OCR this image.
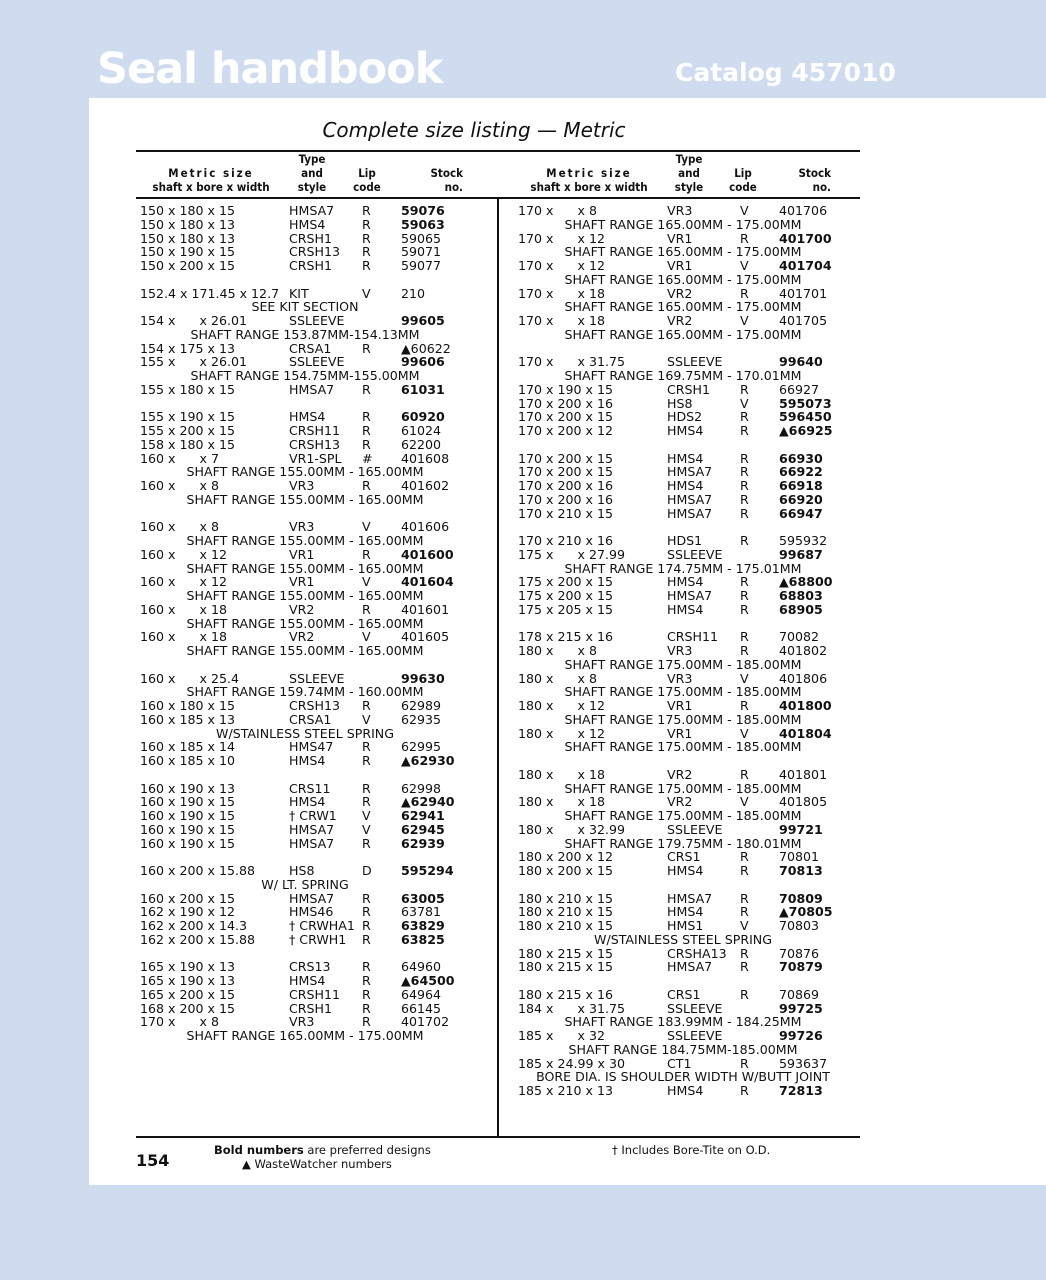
Seal handbook	Catalog 457010
Complete size listing — Metric
Metric size
shaft x bore x width
Type
and
style
Lip
code
Stock
no.
Metric size
shaft x bore x width
Type
and
style
Lip
code
Stock
no.
150 x 180 x 15	HMSA7 R 59076
150 x 180 x 13	HMS4	R 59063
150 x 180 x 13	CRSH1 R 59065
150 x 190 x 15	CRSH13 R 59071
150 x 200 x 15	CRSH1 R 59077
152.4 x 171.45 x 12.7 KIT	V 210
SEE KIT SECTION
154 x      x 26.01	SSLEEVE	99605
SHAFT RANGE 153.87MM-154.13MM
154 x 175 x 13	CRSA1 R ▲60622
155 x      x 26.01	SSLEEVE	99606
SHAFT RANGE 154.75MM-155.00MM
155 x 180 x 15	HMSA7 R 61031
155 x 190 x 15	HMS4	R 60920
155 x 200 x 15	CRSH11 R 61024
158 x 180 x 15	CRSH13 R 62200
160 x      x 7	VR1-SPL # 401608
SHAFT RANGE 155.00MM - 165.00MM
160 x      x 8	VR3	R 401602
SHAFT RANGE 155.00MM - 165.00MM
160 x      x 8	VR3	V 401606
SHAFT RANGE 155.00MM - 165.00MM
160 x      x 12	VR1	R 401600
SHAFT RANGE 155.00MM - 165.00MM
160 x      x 12	VR1	V 401604
SHAFT RANGE 155.00MM - 165.00MM
160 x      x 18	VR2	R 401601
SHAFT RANGE 155.00MM - 165.00MM
160 x      x 18	VR2	V 401605
SHAFT RANGE 155.00MM - 165.00MM
160 x      x 25.4	SSLEEVE	99630
SHAFT RANGE 159.74MM - 160.00MM
160 x 180 x 15	CRSH13 R 62989
160 x 185 x 13	CRSA1 V 62935
W/STAINLESS STEEL SPRING
160 x 185 x 14	HMS47 R 62995
160 x 185 x 10	HMS4	R ▲62930
160 x 190 x 13	CRS11 R 62998
160 x 190 x 15	HMS4	R ▲62940
160 x 190 x 15	† CRW1 V 62941
160 x 190 x 15	HMSA7 V 62945
160 x 190 x 15	HMSA7 R 62939
160 x 200 x 15.88	HS8	D 595294
W/ LT. SPRING
160 x 200 x 15	HMSA7 R 63005
162 x 190 x 12	HMS46 R 63781
162 x 200 x 14.3	† CRWHA1 R 63829
162 x 200 x 15.88	† CRWH1 R 63825
165 x 190 x 13	CRS13 R 64960
165 x 190 x 13	HMS4	R ▲64500
165 x 200 x 15	CRSH11 R 64964
168 x 200 x 15	CRSH1 R 66145
170 x      x 8	VR3	R 401702
SHAFT RANGE 165.00MM - 175.00MM
170 x      x 8	VR3	V 401706
SHAFT RANGE 165.00MM - 175.00MM
170 x      x 12	VR1	R 401700
SHAFT RANGE 165.00MM - 175.00MM
170 x      x 12	VR1	V 401704
SHAFT RANGE 165.00MM - 175.00MM
170 x      x 18	VR2	R 401701
SHAFT RANGE 165.00MM - 175.00MM
170 x      x 18	VR2	V 401705
SHAFT RANGE 165.00MM - 175.00MM
170 x      x 31.75	SSLEEVE	99640
SHAFT RANGE 169.75MM - 170.01MM
170 x 190 x 15	CRSH1 R 66927
170 x 200 x 16	HS8	V 595073
170 x 200 x 15	HDS2	R 596450
170 x 200 x 12	HMS4	R ▲66925
170 x 200 x 15	HMS4	R 66930
170 x 200 x 15	HMSA7 R 66922
170 x 200 x 16	HMS4	R 66918
170 x 200 x 16	HMSA7 R 66920
170 x 210 x 15	HMSA7 R 66947
170 x 210 x 16	HDS1	R 595932
175 x      x 27.99	SSLEEVE	99687
SHAFT RANGE 174.75MM - 175.01MM
175 x 200 x 15	HMS4	R ▲68800
175 x 200 x 15	HMSA7 R 68803
175 x 205 x 15	HMS4	R 68905
178 x 215 x 16	CRSH11 R 70082
180 x      x 8	VR3	R 401802
SHAFT RANGE 175.00MM - 185.00MM
180 x      x 8	VR3	V 401806
SHAFT RANGE 175.00MM - 185.00MM
180 x      x 12	VR1	R 401800
SHAFT RANGE 175.00MM - 185.00MM
180 x      x 12	VR1	V 401804
SHAFT RANGE 175.00MM - 185.00MM
180 x      x 18	VR2	R 401801
SHAFT RANGE 175.00MM - 185.00MM
180 x      x 18	VR2	V 401805
SHAFT RANGE 175.00MM - 185.00MM
180 x      x 32.99	SSLEEVE	99721
SHAFT RANGE 179.75MM - 180.01MM
180 x 200 x 12	CRS1	R 70801
180 x 200 x 15	HMS4	R 70813
180 x 210 x 15	HMSA7 R 70809
180 x 210 x 15	HMS4	R ▲70805
180 x 210 x 15	HMS1	V 70803
W/STAINLESS STEEL SPRING
180 x 215 x 15	CRSHA13 R 70876
180 x 215 x 15	HMSA7 R 70879
180 x 215 x 16	CRS1	R 70869
184 x      x 31.75	SSLEEVE	99725
SHAFT RANGE 183.99MM - 184.25MM
185 x      x 32	SSLEEVE	99726
SHAFT RANGE 184.75MM-185.00MM
185 x 24.99 x 30	CT1	R 593637
BORE DIA. IS SHOULDER WIDTH W/BUTT JOINT
185 x 210 x 13	HMS4	R 72813
154
Bold numbers are preferred designs
▲ WasteWatcher numbers
† Includes Bore-Tite on O.D.
